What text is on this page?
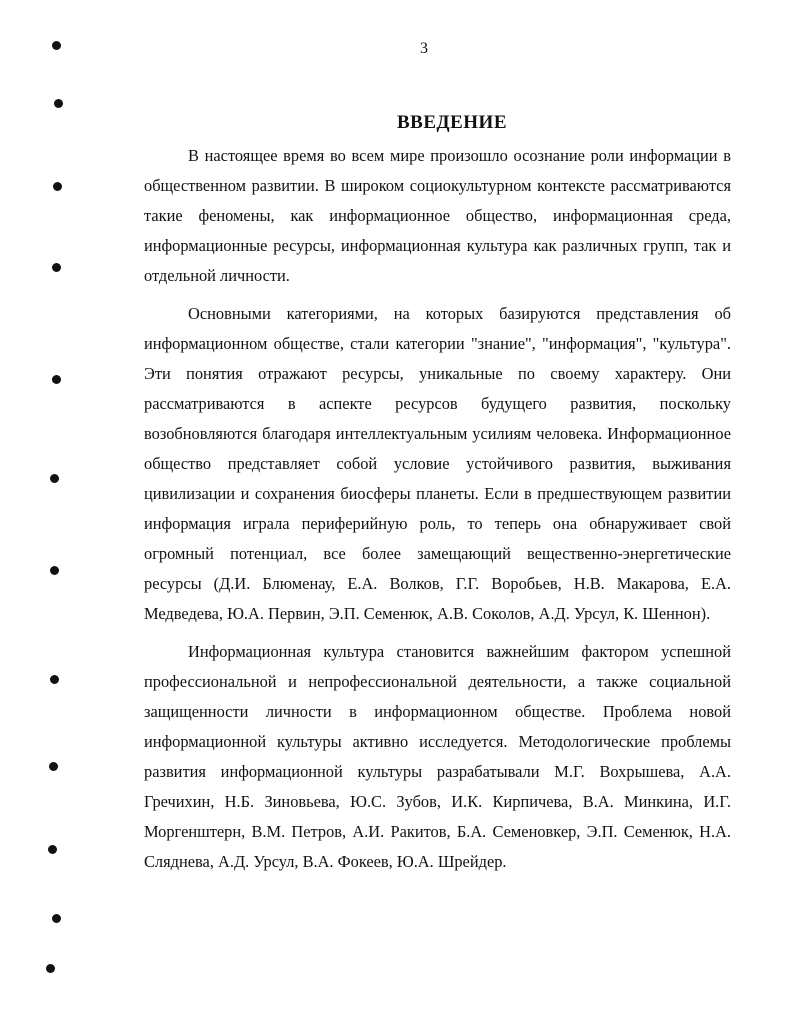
3
ВВЕДЕНИЕ

В настоящее время во всем мире произошло осознание роли информации в общественном развитии. В широком социокультурном контексте рассматриваются такие феномены, как информационное общество, информационная среда, информационные ресурсы, информационная культура как различных групп, так и отдельной личности.

Основными категориями, на которых базируются представления об информационном обществе, стали категории "знание", "информация", "культура". Эти понятия отражают ресурсы, уникальные по своему характеру. Они рассматриваются в аспекте ресурсов будущего развития, поскольку возобновляются благодаря интеллектуальным усилиям человека. Информационное общество представляет собой условие устойчивого развития, выживания цивилизации и сохранения биосферы планеты. Если в предшествующем развитии информация играла периферийную роль, то теперь она обнаруживает свой огромный потенциал, все более замещающий вещественно-энергетические ресурсы (Д.И. Блюменау, Е.А. Волков, Г.Г. Воробьев, Н.В. Макарова, Е.А. Медведева, Ю.А. Первин, Э.П. Семенюк, А.В. Соколов, А.Д. Урсул, К. Шеннон).

Информационная культура становится важнейшим фактором успешной профессиональной и непрофессиональной деятельности, а также социальной защищенности личности в информационном обществе. Проблема новой информационной культуры активно исследуется. Методологические проблемы развития информационной культуры разрабатывали М.Г. Вохрышева, А.А. Гречихин, Н.Б. Зиновьева, Ю.С. Зубов, И.К. Кирпичева, В.А. Минкина, И.Г. Моргенштерн, В.М. Петров, А.И. Ракитов, Б.А. Семеновкер, Э.П. Семенюк, Н.А. Сляднева, А.Д. Урсул, В.А. Фокеев, Ю.А. Шрейдер.
